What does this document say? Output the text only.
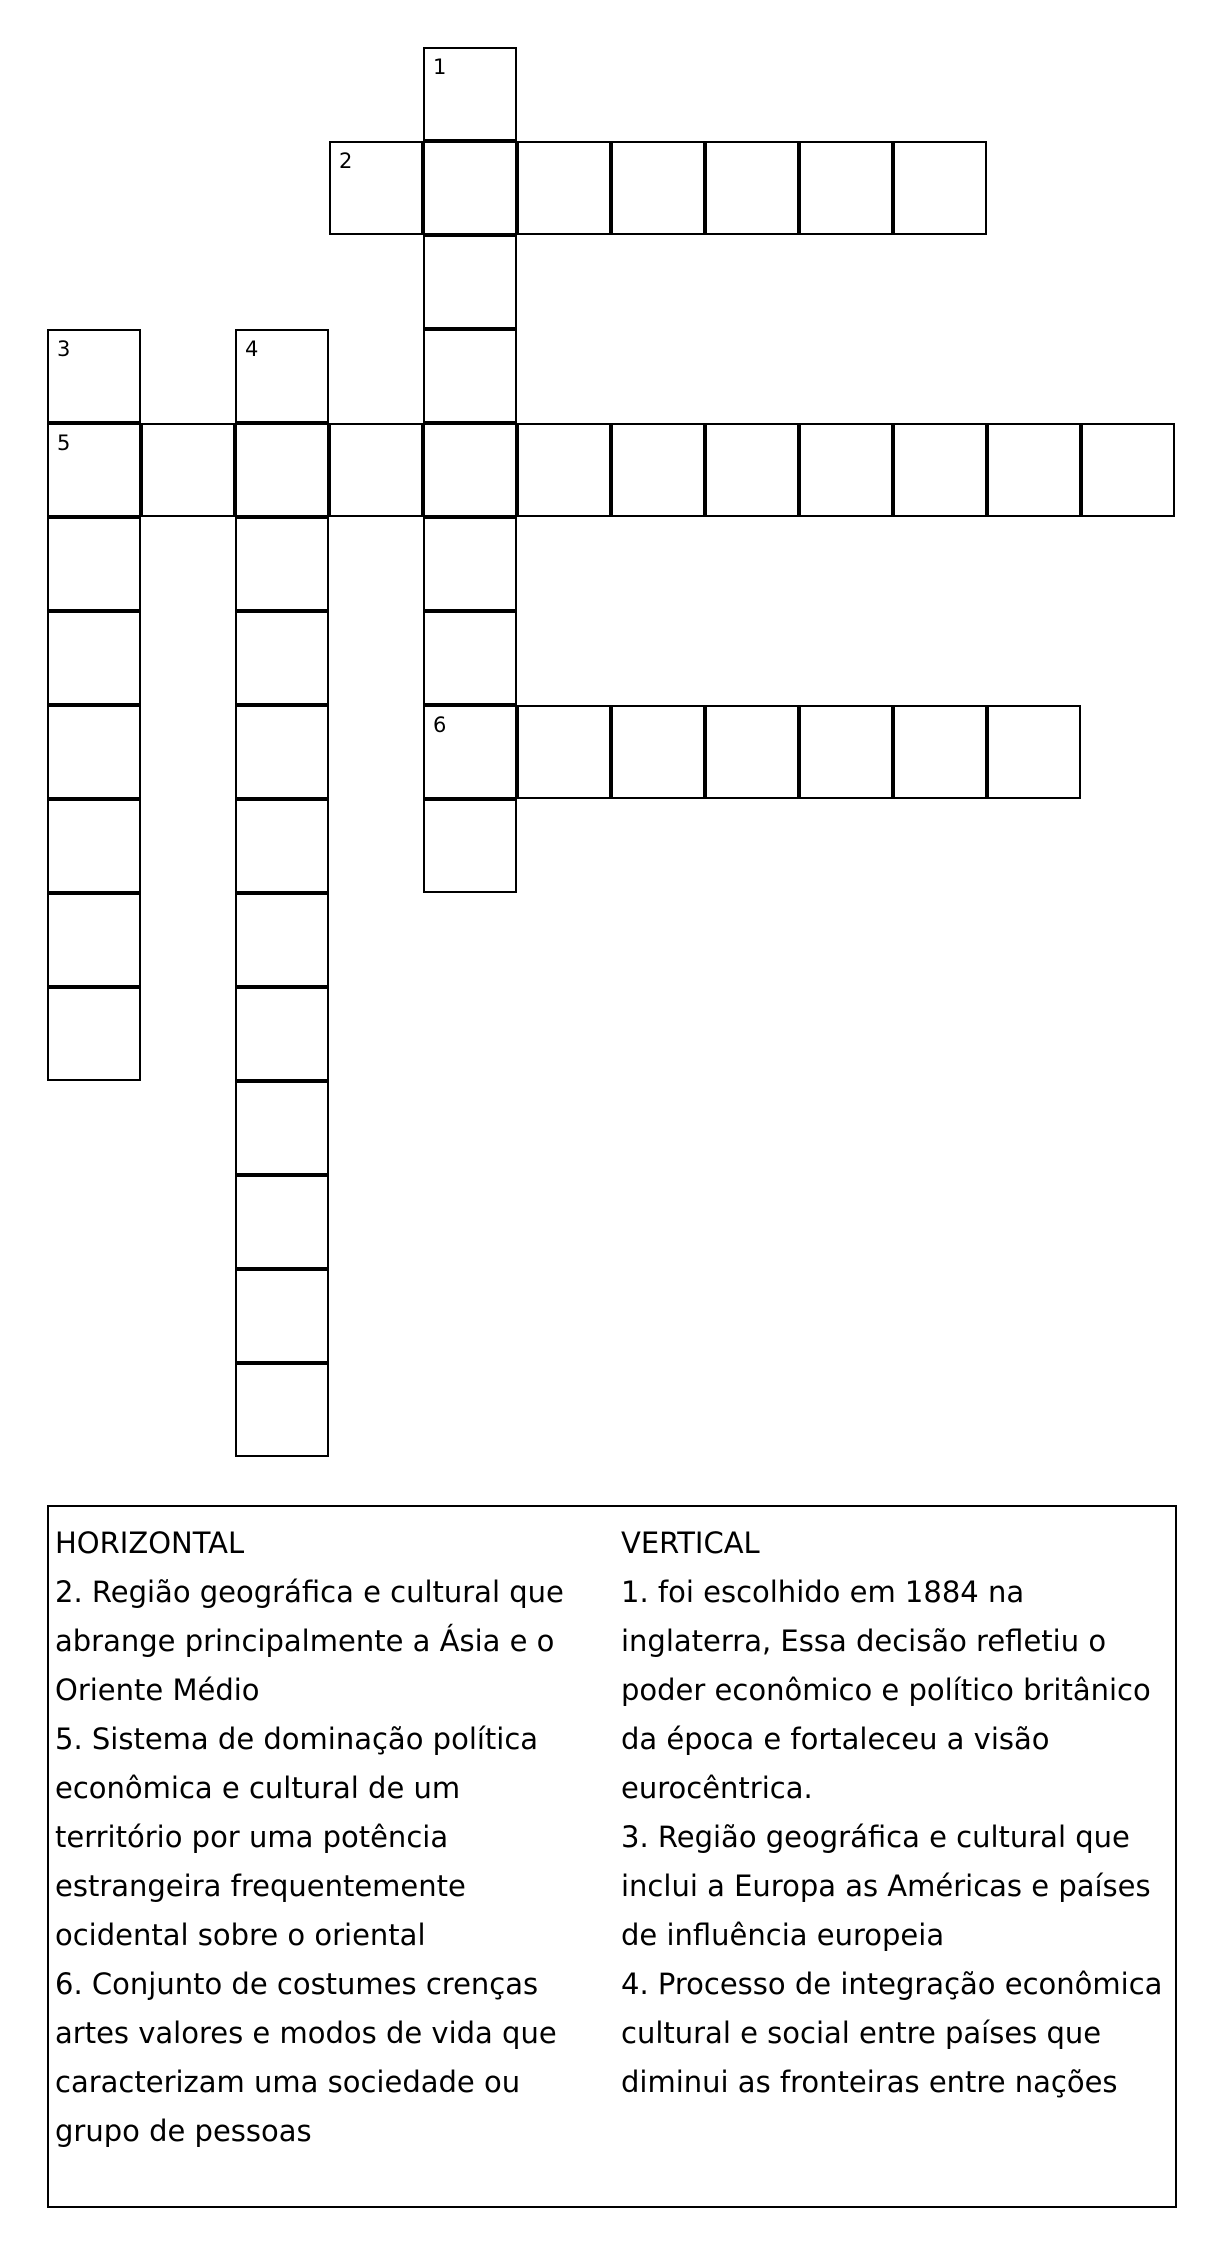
1
2
3	4
5
6
HORIZONTAL
2. Região geográfica e cultural que abrange principalmente a Ásia e o Oriente Médio
5. Sistema de dominação política econômica e cultural de um território por uma potência estrangeira frequentemente ocidental sobre o oriental
6. Conjunto de costumes crenças artes valores e modos de vida que caracterizam uma sociedade ou grupo de pessoas
VERTICAL
1. foi escolhido em 1884 na inglaterra, Essa decisão refletiu o poder econômico e político britânico da época e fortaleceu a visão eurocêntrica.
3. Região geográfica e cultural que inclui a Europa as Américas e países de influência europeia
4. Processo de integração econômica cultural e social entre países que diminui as fronteiras entre nações
